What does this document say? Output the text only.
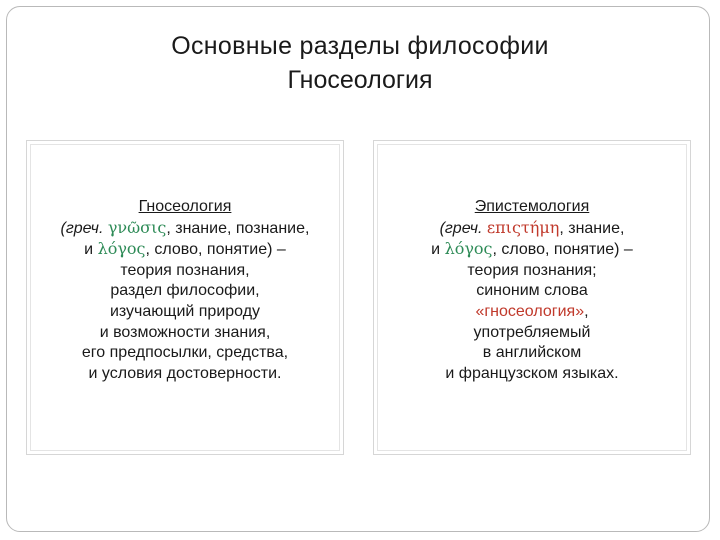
Основные разделы философии
Гносеология
Гносеология
(греч. γνῶσις, знание, познание,
и λόγος, слово, понятие) –
теория познания,
раздел философии,
изучающий природу
и возможности знания,
его предпосылки, средства,
и условия достоверности.
Эпистемология
(греч. επιςτήμη, знание,
и λόγος, слово, понятие) –
теория познания;
синоним слова
«гносеология»,
употребляемый
в английском
и французском языках.
